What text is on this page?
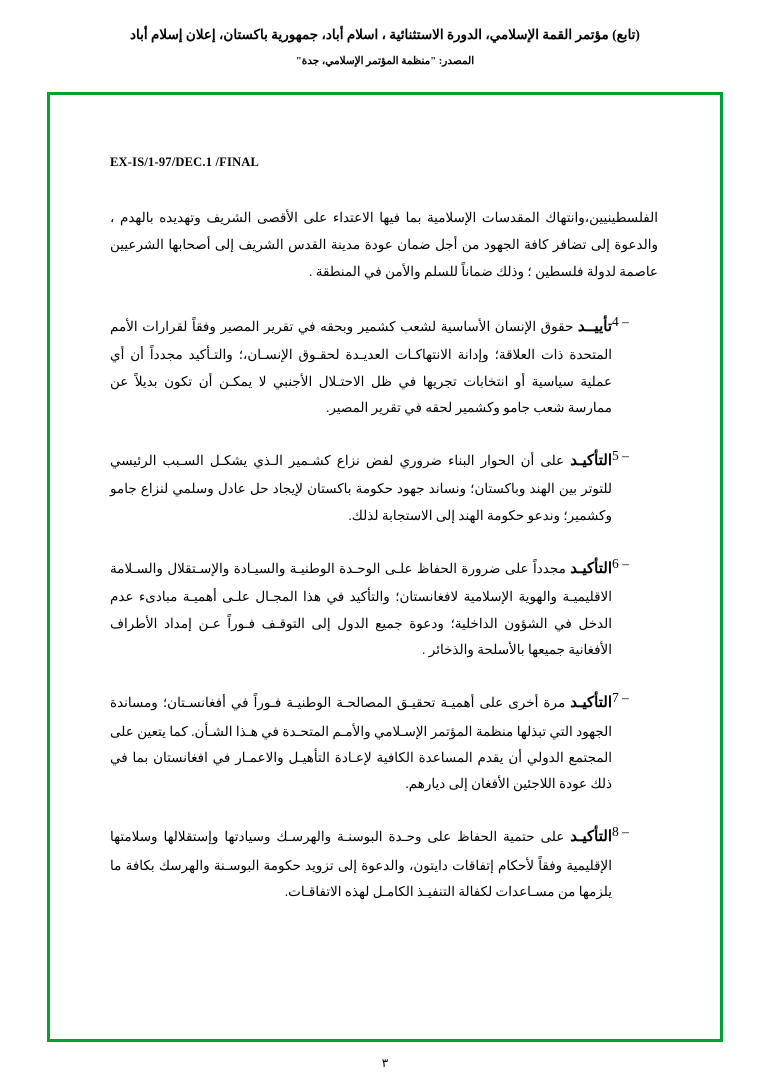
(تابع) مؤتمر القمة الإسلامي، الدورة الاستثنائية ، اسلام أباد، جمهورية باكستان، إعلان إسلام أباد
المصدر: "منظمة المؤتمر الإسلامي، جدة"
EX-IS/1-97/DEC.1 /FINAL
الفلسطينيين،وانتهاك المقدسات الإسلامية بما فيها الاعتداء على الأقصى الشريف وتهديده بالهدم ، والدعوة إلى تضافر كافة الجهود من أجل ضمان عودة مدينة القدس الشريف إلى أصحابها الشرعيين عاصمة لدولة فلسطين ؛ وذلك ضماناً للسلم والأمن في المنطقة .
4 –
تأييــد حقوق الإنسان الأساسية لشعب كشمير وبحقه في تقرير المصير وفقاً لقرارات الأمم المتحدة ذات العلاقة؛ وإدانة الانتهاكـات العديـدة لحقـوق الإنسـان،؛ والتـأكيد مجدداً أن أي عملية سياسية أو انتخابات تجريها في ظل الاحتـلال الأجنبي لا يمكـن أن تكون بديلاً عن ممارسة شعب جامو وكشمير لحقه في تقرير المصير.
5 –
التأكيـد على أن الحوار البناء ضروري لفض نزاع كشـمير الـذي يشكـل السـبب الرئيسي للتوتر بين الهند وباكستان؛ ونساند جهود حكومة باكستان لإيجاد حل عادل وسلمي لنزاع جامو وكشمير؛ وندعو حكومة الهند إلى الاستجابة لذلك.
6 –
التأكيـد مجدداً على ضرورة الحفاظ علـى الوحـدة الوطنيـة والسيـادة والإسـتقلال والسـلامة الاقليميـة والهوية الإسلامية لافغانستان؛ والتأكيد في هذا المجـال علـى أهميـة مبادىء عدم الدخل في الشؤون الداخلية؛ ودعوة جميع الدول إلى التوقـف فـوراً عـن إمداد الأطراف الأفغانية جميعها بالأسلحة والذخائر .
7 –
التأكيـد مرة أخرى على أهميـة تحقيـق المصالحـة الوطنيـة فـوراً في أفغانسـتان؛ ومساندة الجهود التي تبذلها منظمة المؤتمر الإسـلامي والأمـم المتحـدة في هـذا الشـأن. كما يتعين على المجتمع الدولي أن يقدم المساعدة الكافية لإعـادة التأهيـل والاعمـار في افغانستان بما في ذلك عودة اللاجئين الأفغان إلى ديارهم.
8 –
التأكيـد على حتمية الحفاظ على وحـدة البوسنـة والهرسـك وسيادتها وإستقلالها وسلامتها الإقليمية وفقاً لأحكام إتفاقات دايتون، والدعوة إلى تزويد حكومة البوسـنة والهرسك بكافة ما يلزمها من مسـاعدات لكفالة التنفيـذ الكامـل لهذه الاتفاقـات.
٣
